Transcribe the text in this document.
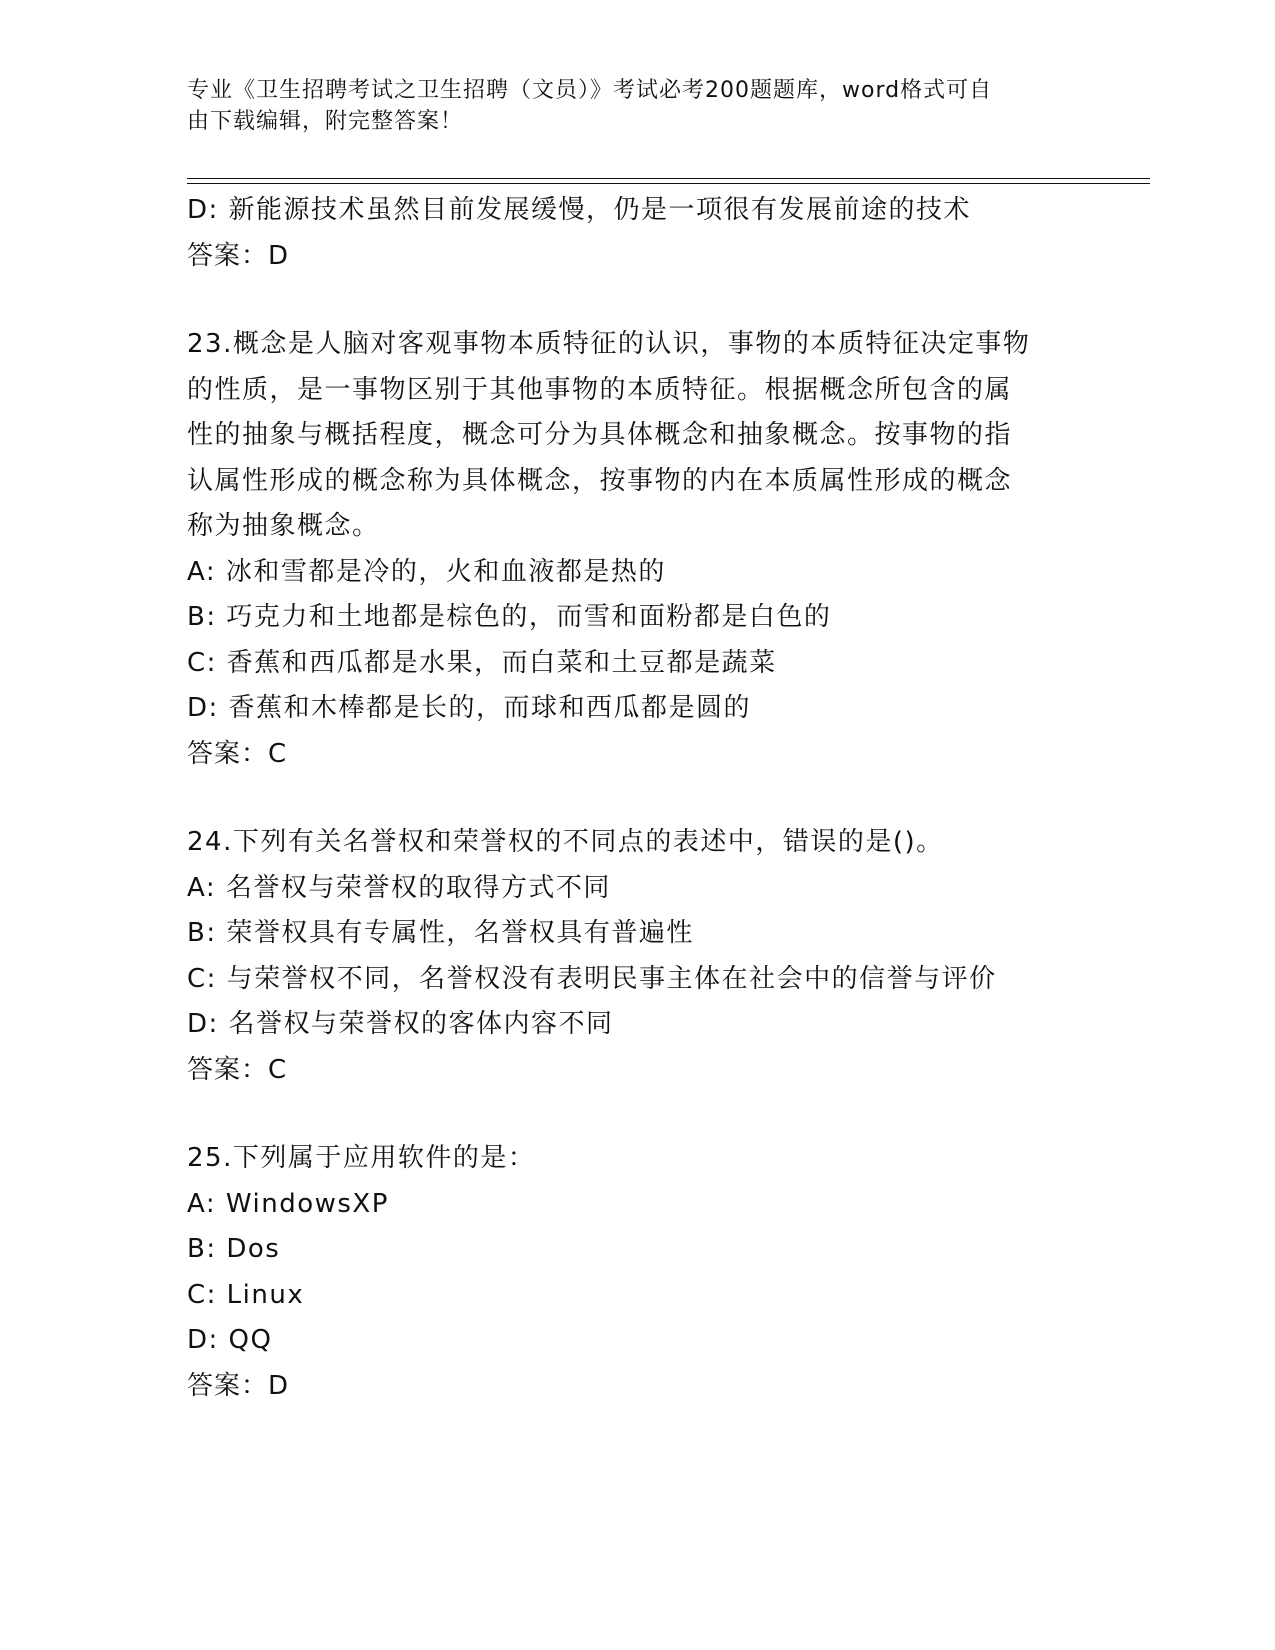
专业《卫生招聘考试之卫生招聘（文员）》考试必考200题题库，word格式可自
由下载编辑，附完整答案！
D: 新能源技术虽然目前发展缓慢，仍是一项很有发展前途的技术
答案：D
23.概念是人脑对客观事物本质特征的认识，事物的本质特征决定事物
的性质，是一事物区别于其他事物的本质特征。根据概念所包含的属
性的抽象与概括程度，概念可分为具体概念和抽象概念。按事物的指
认属性形成的概念称为具体概念，按事物的内在本质属性形成的概念
称为抽象概念。
A: 冰和雪都是冷的，火和血液都是热的
B: 巧克力和土地都是棕色的，而雪和面粉都是白色的
C: 香蕉和西瓜都是水果，而白菜和土豆都是蔬菜
D: 香蕉和木棒都是长的，而球和西瓜都是圆的
答案：C
24.下列有关名誉权和荣誉权的不同点的表述中，错误的是()。
A: 名誉权与荣誉权的取得方式不同
B: 荣誉权具有专属性，名誉权具有普遍性
C: 与荣誉权不同，名誉权没有表明民事主体在社会中的信誉与评价
D: 名誉权与荣誉权的客体内容不同
答案：C
25.下列属于应用软件的是：
A: WindowsXP
B: Dos
C: Linux
D: QQ
答案：D
